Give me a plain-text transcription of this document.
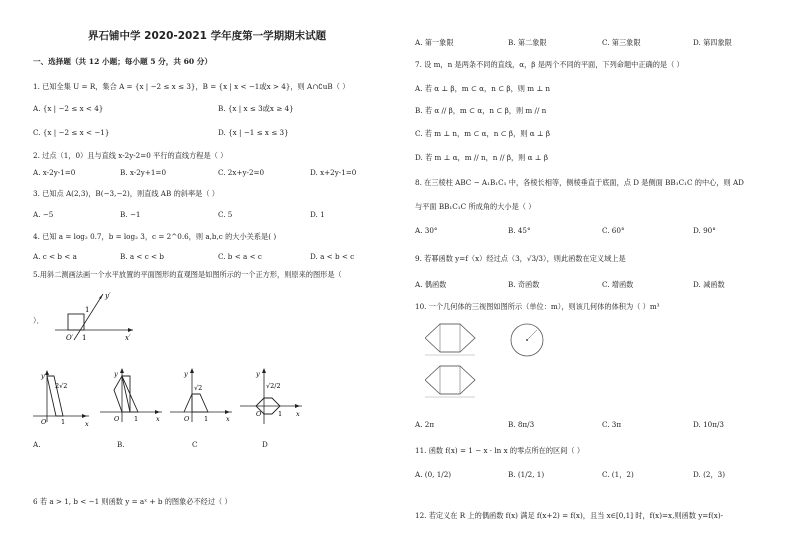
界石铺中学 2020-2021 学年度第一学期期末试题
一、选择题（共 12 小题；每小题 5 分，共 60 分）
1. 已知全集 U = R，集合 A = {x | −2 ≤ x ≤ 3}，B = {x | x < −1或x > 4}，则 A∩∁uB（ ）
A. {x | −2 ≤ x < 4}	B. {x | x ≤ 3或x ≥ 4}
C. {x | −2 ≤ x < −1}	D. {x | −1 ≤ x ≤ 3}
2. 过点（1，0）且与直线 x-2y-2=0 平行的直线方程是（ ）
A. x-2y-1=0	B. x-2y+1=0	C. 2x+y-2=0	D. x+2y-1=0
3. 已知点 A(2,3)，B(−3,−2)，则直线 AB 的斜率是（ ）
A. −5	B. −1	C. 5	D. 1
4. 已知 a = log₂ 0.7，b = log₂ 3，c = 2^0.6，则 a,b,c 的大小关系是( )
A. c < b < a	B. a < c < b	C. b < a < c	D. a < b < c
5.用斜二测画法画一个水平放置的平面图形的直观图是如图所示的一个正方形，则原来的图形是（
）．
y′
x′
O′ 1
1
y
2√2
O 1	x
A.
y
O 1	x
B.
y
√2
O 1	x
C
y
√2/2
O	1 x
D
6 若 a > 1, b < −1 则函数 y = aˣ + b 的图象必不经过（ ）
A. 第一象限	B. 第二象限	C. 第三象限	D. 第四象限
7. 设 m，n 是两条不同的直线，α，β 是两个不同的平面，下列命题中正确的是（ ）
A. 若 α ⊥ β，m ⊂ α，n ⊂ β，则 m ⊥ n
B. 若 α // β，m ⊂ α，n ⊂ β，则 m // n
C. 若 m ⊥ n，m ⊂ α，n ⊂ β，则 α ⊥ β
D. 若 m ⊥ α，m // n，n // β，则 α ⊥ β
8. 在三棱柱 ABC − A₁B₁C₁ 中，各棱长相等，侧棱垂直于底面，点 D 是侧面 BB₁C₁C 的中心，则 AD
与平面 BB₁C₁C 所成角的大小是（ ）
A. 30°	B. 45°	C. 60°	D. 90°
9. 若幂函数 y=f（x）经过点（3，√3/3），则此函数在定义域上是
A. 偶函数	B. 奇函数	C. 增函数	D. 减函数
10. 一个几何体的三视图如图所示（单位：m），则该几何体的体积为（ ）m³
A. 2π	B. 8π/3	C. 3π	D. 10π/3
11. 函数 f(x) = 1 − x · ln x 的零点所在的区间（ ）
A. (0, 1/2)	B. (1/2, 1)	C. (1，2)	D. (2，3)
12. 若定义在 R 上的偶函数 f(x) 满足 f(x+2) = f(x)，且当 x∈[0,1] 时，f(x)=x,则函数 y=f(x)-
